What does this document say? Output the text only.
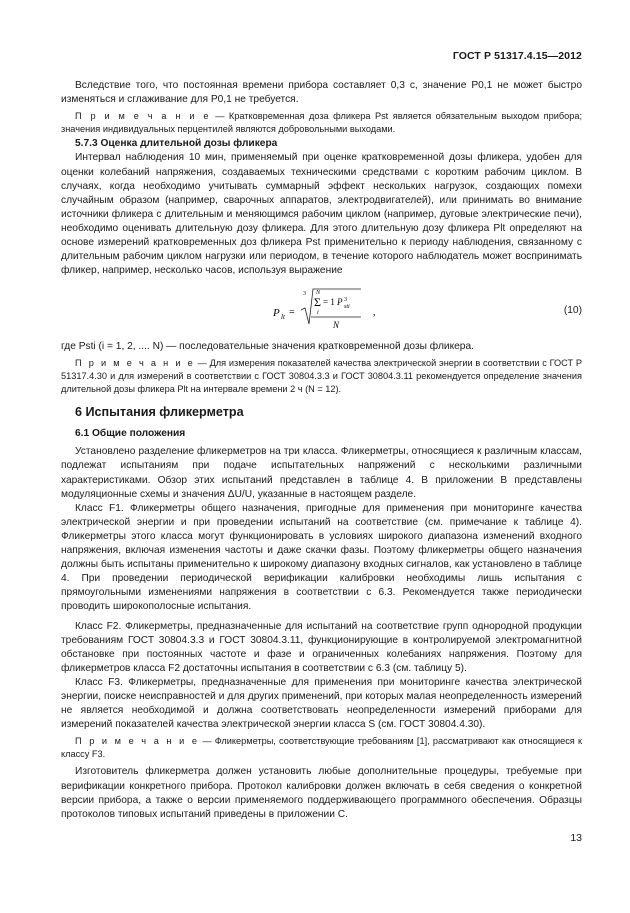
ГОСТ Р 51317.4.15—2012

Вследствие того, что постоянная времени прибора составляет 0,3 с, значение P0,1 не может быстро изменяться и сглаживание для P0,1 не требуется.

П р и м е ч а н и е — Кратковременная доза фликера Pst является обязательным выходом прибора; значения индивидуальных перцентилей являются добровольными выходами.

5.7.3 Оценка длительной дозы фликера

Интервал наблюдения 10 мин, применяемый при оценке кратковременной дозы фликера, удобен для оценки колебаний напряжения, создаваемых техническими средствами с коротким рабочим циклом. В случаях, когда необходимо учитывать суммарный эффект нескольких нагрузок, создающих помехи случайным образом (например, сварочных аппаратов, электродвигателей), или принимать во внимание источники фликера с длительным и меняющимся рабочим циклом (например, дуговые электрические печи), необходимо оценивать длительную дозу фликера. Для этого длительную дозу фликера Plt определяют на основе измерений кратковременных доз фликера Pst применительно к периоду наблюдения, связанному с длительным рабочим циклом нагрузки или периодом, в течение которого наблюдатель может воспринимать фликер, например, несколько часов, используя выражение

P lt =
3 N
Σ = 1 P 3
sti
i
N
,	(10)

где Psti (i = 1, 2, .... N) — последовательные значения кратковременной дозы фликера.

П р и м е ч а н и е — Для измерения показателей качества электрической энергии в соответствии с ГОСТ Р 51317.4.30 и для измерений в соответствии с ГОСТ 30804.3.3 и ГОСТ 30804.3.11 рекомендуется определение значения длительной дозы фликера Plt на интервале времени 2 ч (N = 12).

6 Испытания фликерметра

6.1 Общие положения

Установлено разделение фликерметров на три класса. Фликерметры, относящиеся к различным классам, подлежат испытаниям при подаче испытательных напряжений с несколькими различными характеристиками. Обзор этих испытаний представлен в таблице 4. В приложении В представлены модуляционные схемы и значения ΔU/U, указанные в настоящем разделе.

Класс F1. Фликерметры общего назначения, пригодные для применения при мониторинге качества электрической энергии и при проведении испытаний на соответствие (см. примечание к таблице 4). Фликерметры этого класса могут функционировать в условиях широкого диапазона изменений входного напряжения, включая изменения частоты и даже скачки фазы. Поэтому фликерметры общего назначения должны быть испытаны применительно к широкому диапазону входных сигналов, как установлено в таблице 4. При проведении периодической верификации калибровки необходимы лишь испытания с прямоугольными изменениями напряжения в соответствии с 6.3. Рекомендуется также периодически проводить широкополосные испытания.

Класс F2. Фликерметры, предназначенные для испытаний на соответствие групп однородной продукции требованиям ГОСТ 30804.3.3 и ГОСТ 30804.3.11, функционирующие в контролируемой электромагнитной обстановке при постоянных частоте и фазе и ограниченных колебаниях напряжения. Поэтому для фликерметров класса F2 достаточны испытания в соответствии с 6.3 (см. таблицу 5).

Класс F3. Фликерметры, предназначенные для применения при мониторинге качества электрической энергии, поиске неисправностей и для других применений, при которых малая неопределенность измерений не является необходимой и должна соответствовать неопределенности измерений приборами для измерений показателей качества электрической энергии класса S (см. ГОСТ 30804.4.30).

П р и м е ч а н и е — Фликерметры, соответствующие требованиям [1], рассматривают как относящиеся к классу F3.

Изготовитель фликерметра должен установить любые дополнительные процедуры, требуемые при верификации конкретного прибора. Протокол калибровки должен включать в себя сведения о конкретной версии прибора, а также о версии применяемого поддерживающего программного обеспечения. Образцы протоколов типовых испытаний приведены в приложении С.

13
